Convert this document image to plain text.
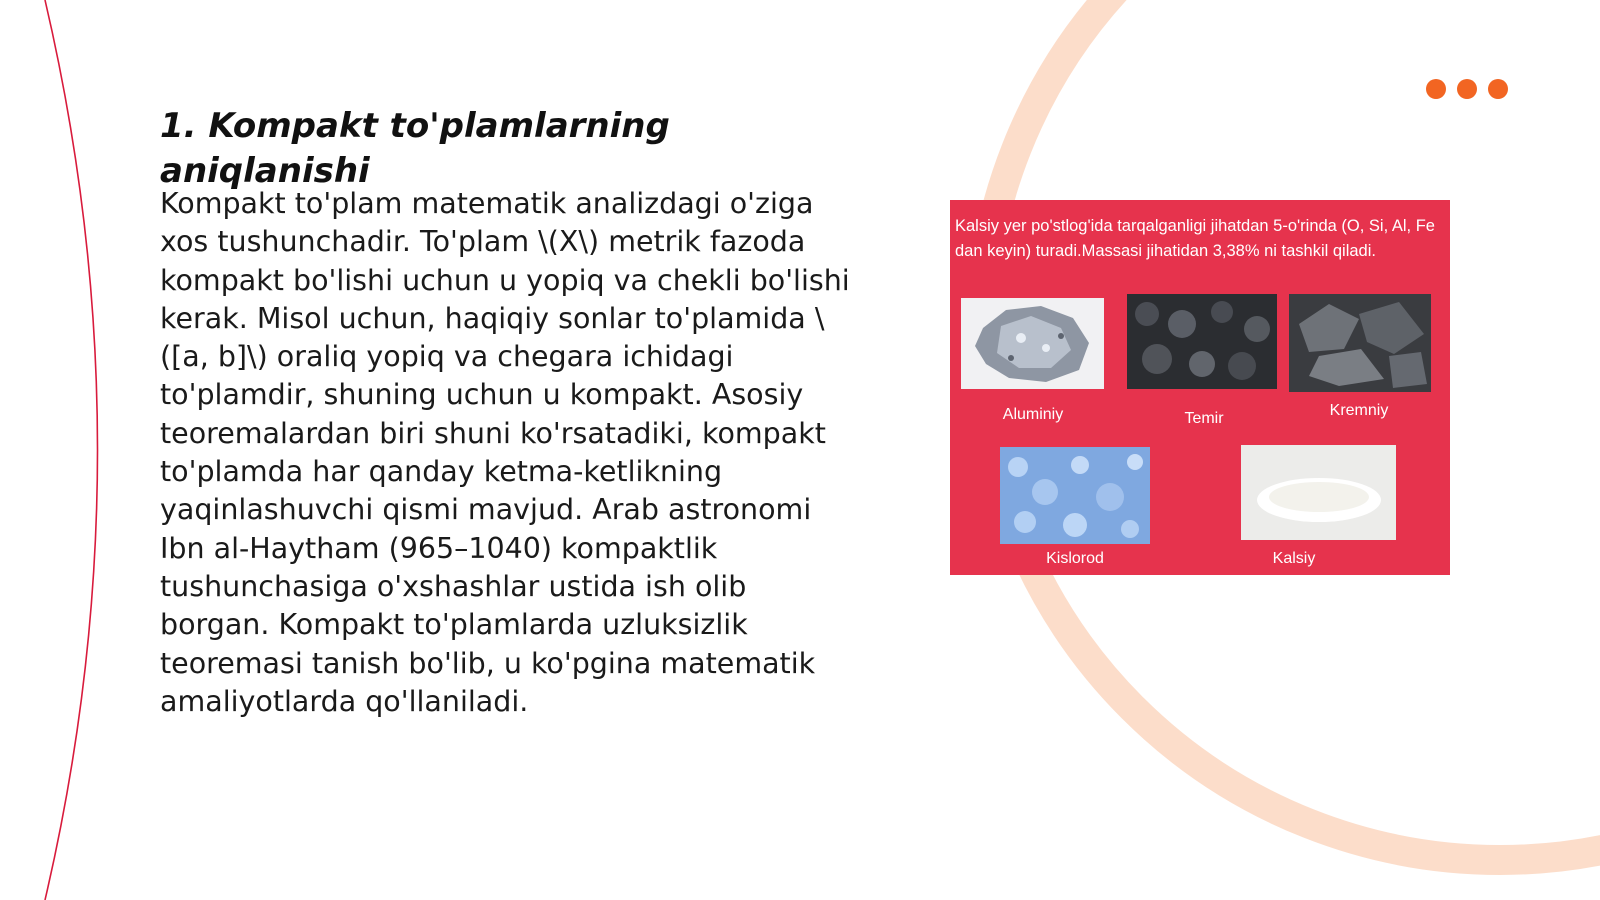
1. Kompakt to'plamlarning aniqlanishi

Kompakt to'plam matematik analizdagi o'ziga xos tushunchadir. To'plam \(X\) metrik fazoda kompakt bo'lishi uchun u yopiq va chekli bo'lishi kerak. Misol uchun, haqiqiy sonlar to'plamida \([a, b]\) oraliq yopiq va chegara ichidagi to'plamdir, shuning uchun u kompakt. Asosiy teoremalardan biri shuni ko'rsatadiki, kompakt to'plamda har qanday ketma-ketlikning yaqinlashuvchi qismi mavjud. Arab astronomi Ibn al-Haytham (965–1040) kompaktlik tushunchasiga o'xshashlar ustida ish olib borgan. Kompakt to'plamlarda uzluksizlik teoremasi tanish bo'lib, u ko'pgina matematik amaliyotlarda qo'llaniladi.

Kalsiy yer po'stlog'ida tarqalganligi jihatdan 5-o'rinda (O, Si, Al, Fe dan keyin) turadi.Massasi jihatidan 3,38% ni tashkil qiladi.

Aluminiy	Temir	Kremniy
Kislorod	Kalsiy
